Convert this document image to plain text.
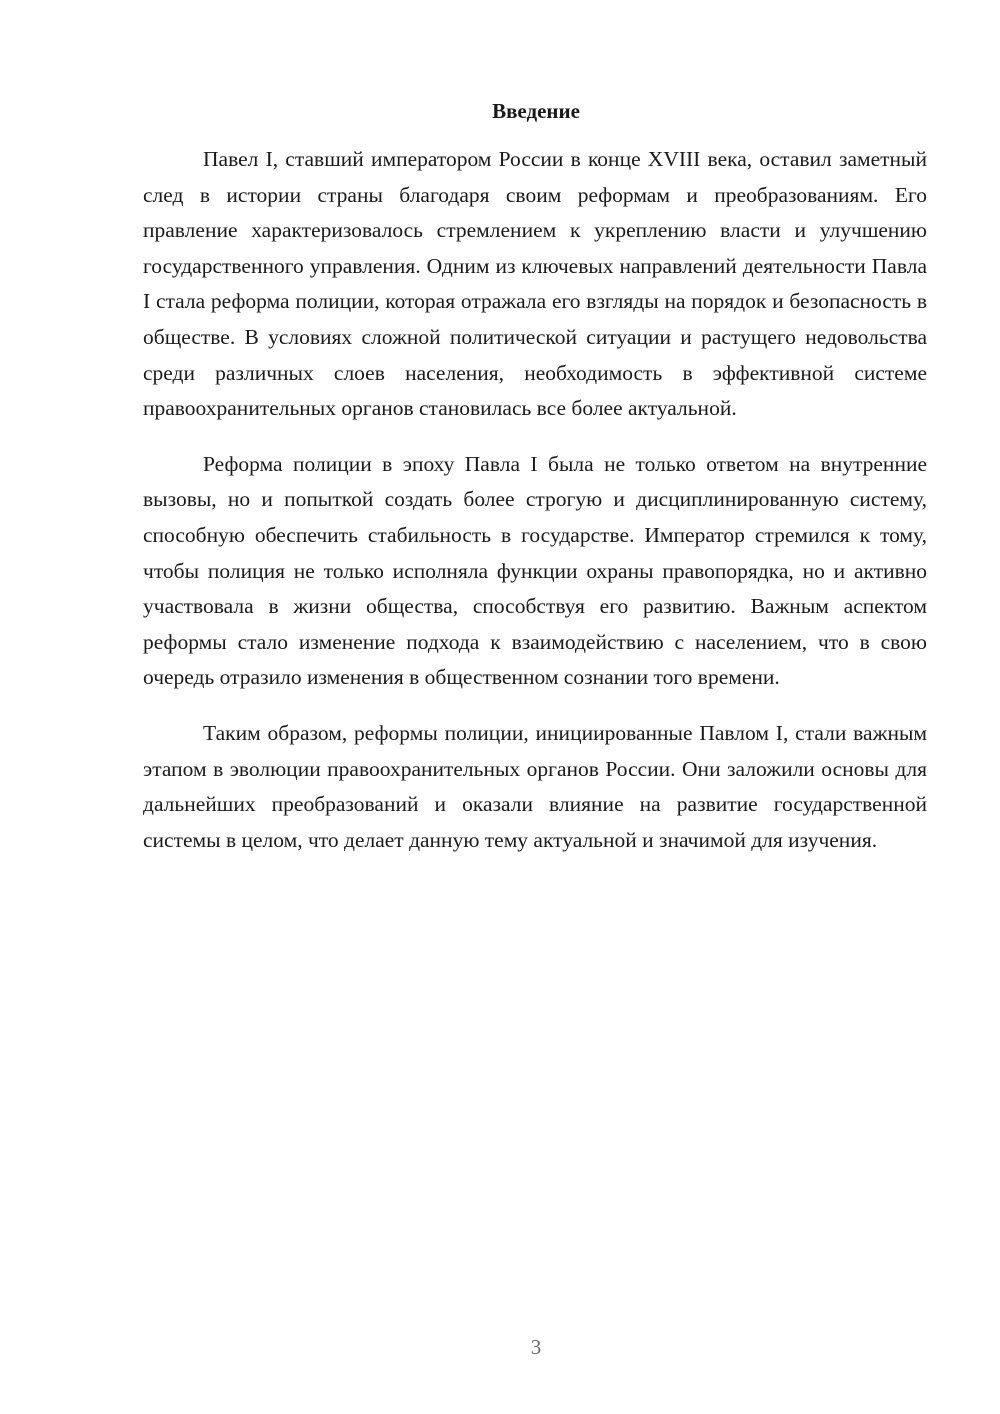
Введение

Павел I, ставший императором России в конце XVIII века, оставил заметный след в истории страны благодаря своим реформам и преобразованиям. Его правление характеризовалось стремлением к укреплению власти и улучшению государственного управления. Одним из ключевых направлений деятельности Павла I стала реформа полиции, которая отражала его взгляды на порядок и безопасность в обществе. В условиях сложной политической ситуации и растущего недовольства среди различных слоев населения, необходимость в эффективной системе правоохранительных органов становилась все более актуальной.

Реформа полиции в эпоху Павла I была не только ответом на внутренние вызовы, но и попыткой создать более строгую и дисциплинированную систему, способную обеспечить стабильность в государстве. Император стремился к тому, чтобы полиция не только исполняла функции охраны правопорядка, но и активно участвовала в жизни общества, способствуя его развитию. Важным аспектом реформы стало изменение подхода к взаимодействию с населением, что в свою очередь отразило изменения в общественном сознании того времени.

Таким образом, реформы полиции, инициированные Павлом I, стали важным этапом в эволюции правоохранительных органов России. Они заложили основы для дальнейших преобразований и оказали влияние на развитие государственной системы в целом, что делает данную тему актуальной и значимой для изучения.

3
